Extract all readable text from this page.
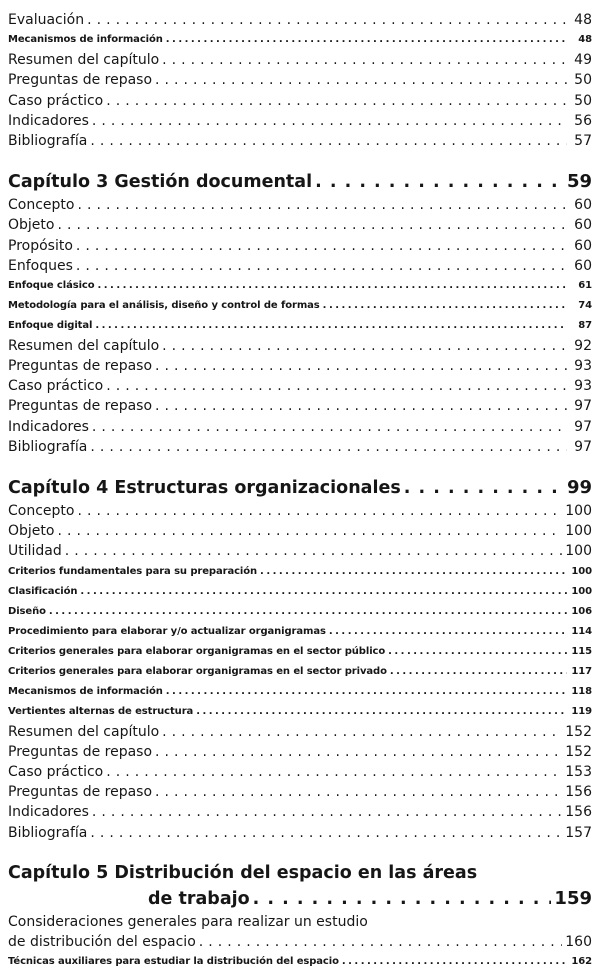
Evaluación . . .	48
Mecanismos de información . . .	48
Resumen del capítulo . . .	49
Preguntas de repaso . . .	50
Caso práctico . . .	50
Indicadores . . .	56
Bibliografía . . .	57
Capítulo 3 Gestión documental . . .	59
Concepto . . .	60
Objeto . . .	60
Propósito . . .	60
Enfoques . . .	60
Enfoque clásico . . .	61
Metodología para el análisis, diseño y control de formas . . .	74
Enfoque digital . . .	87
Resumen del capítulo . . .	92
Preguntas de repaso . . .	93
Caso práctico . . .	93
Preguntas de repaso . . .	97
Indicadores . . .	97
Bibliografía . . .	97
Capítulo 4 Estructuras organizacionales . . .	99
Concepto . . .	100
Objeto . . .	100
Utilidad . . .	100
Criterios fundamentales para su preparación . . .	100
Clasificación . . .	100
Diseño . . .	106
Procedimiento para elaborar y/o actualizar organigramas . . .	114
Criterios generales para elaborar organigramas en el sector público . . .	115
Criterios generales para elaborar organigramas en el sector privado . . .	117
Mecanismos de información . . .	118
Vertientes alternas de estructura . . .	119
Resumen del capítulo . . .	152
Preguntas de repaso . . .	152
Caso práctico . . .	153
Preguntas de repaso . . .	156
Indicadores . . .	156
Bibliografía . . .	157
Capítulo 5 Distribución del espacio en las áreas
de trabajo . . .	159
Consideraciones generales para realizar un estudio
de distribución del espacio . . .	160
Técnicas auxiliares para estudiar la distribución del espacio . . .	162
